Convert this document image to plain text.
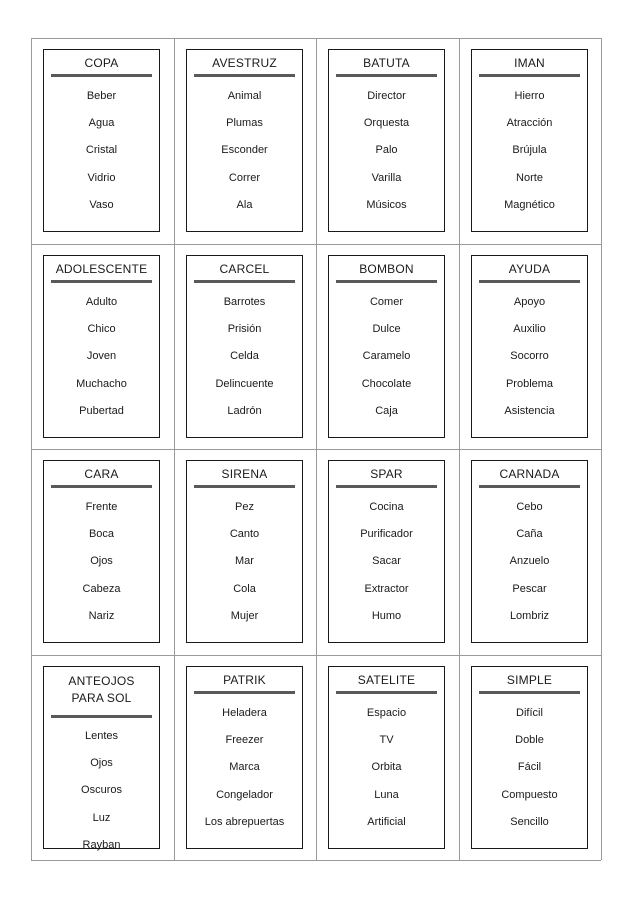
COPA
Beber
Agua
Cristal
Vidrio
Vaso
AVESTRUZ
Animal
Plumas
Esconder
Correr
Ala
BATUTA
Director
Orquesta
Palo
Varilla
Músicos
IMAN
Hierro
Atracción
Brújula
Norte
Magnético
ADOLESCENTE
Adulto
Chico
Joven
Muchacho
Pubertad
CARCEL
Barrotes
Prisión
Celda
Delincuente
Ladrón
BOMBON
Comer
Dulce
Caramelo
Chocolate
Caja
AYUDA
Apoyo
Auxilio
Socorro
Problema
Asistencia
CARA
Frente
Boca
Ojos
Cabeza
Nariz
SIRENA
Pez
Canto
Mar
Cola
Mujer
SPAR
Cocina
Purificador
Sacar
Extractor
Humo
CARNADA
Cebo
Caña
Anzuelo
Pescar
Lombriz
ANTEOJOS PARA SOL
Lentes
Ojos
Oscuros
Luz
Rayban
PATRIK
Heladera
Freezer
Marca
Congelador
Los abrepuertas
SATELITE
Espacio
TV
Orbita
Luna
Artificial
SIMPLE
Difícil
Doble
Fácil
Compuesto
Sencillo
